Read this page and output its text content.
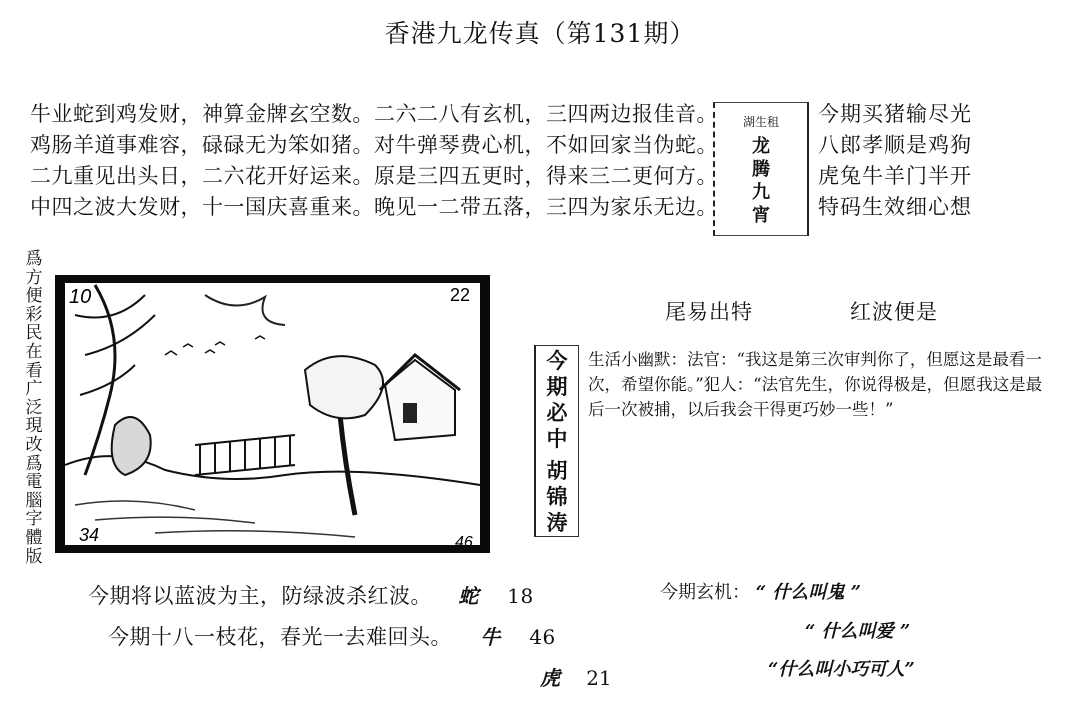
香港九龙传真（第131期）
牛业蛇到鸡发财，神算金牌玄空数。二六二八有玄机，三四两边报佳音。
鸡肠羊道事难容，碌碌无为笨如猪。对牛弹琴费心机，不如回家当伪蛇。
二九重见出头日，二六花开好运来。原是三四五更时，得来三二更何方。
中四之波大发财，十一国庆喜重来。晚见一二带五落，三四为家乐无边。
湖生租
龙
腾
九
宵
今期买猪输尽光
八郎孝顺是鸡狗
虎兔牛羊门半开
特码生效细心想
爲
方
便
彩
民
在
看
广
泛
現
改
爲
電
腦
字
體
版
10	22
34	46
尾易出特	红波便是
今
期
必
中
胡
锦
涛
生活小幽默：法官：“我这是第三次审判你了，但愿这是最看一次，希望你能。”犯人：“法官先生，你说得极是，但愿我这是最后一次被捕，以后我会干得更巧妙一些！”
今期将以蓝波为主，防绿波杀红波。 蛇 18
今期十八一枝花，春光一去难回头。 牛 46
虎 21
今期玄机： “ 什么叫鬼 ”
“ 什么叫爱 ”
“什么叫小巧可人”
